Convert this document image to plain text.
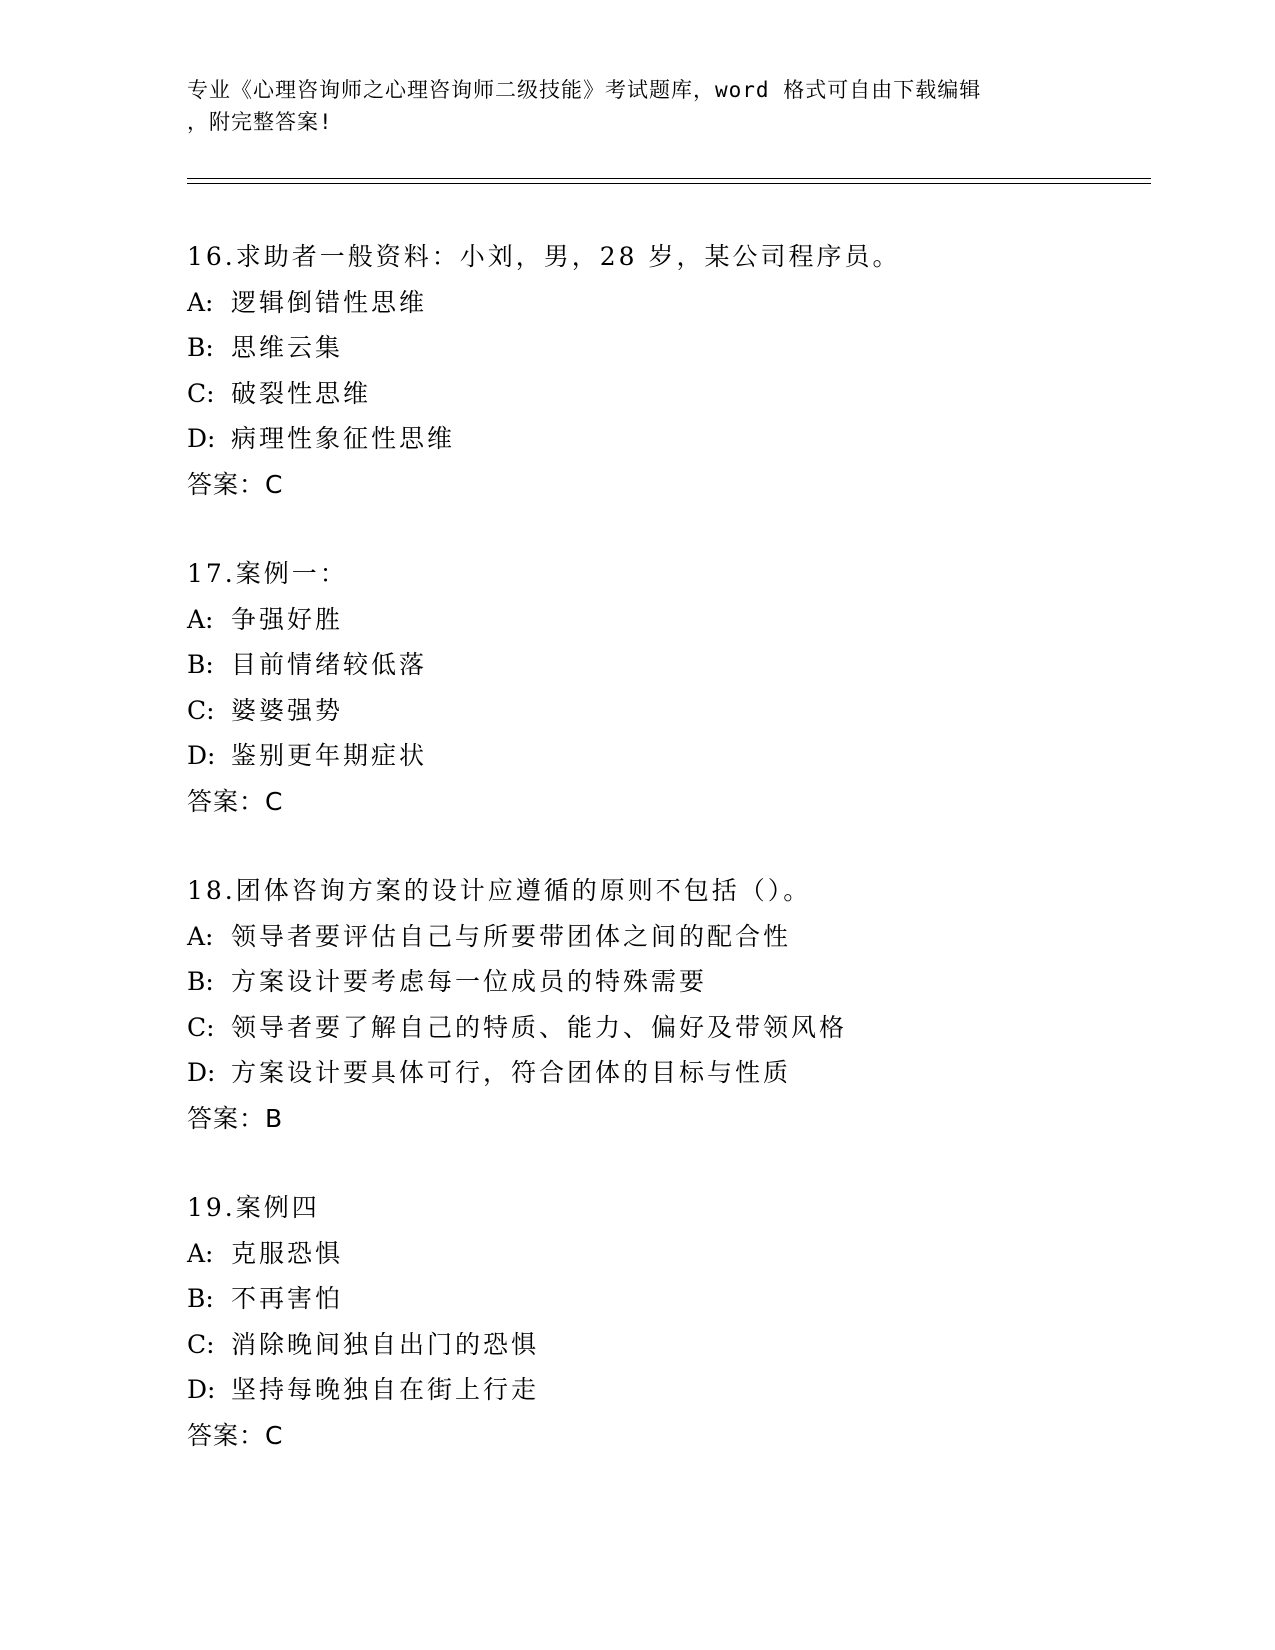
专业《心理咨询师之心理咨询师二级技能》考试题库，word 格式可自由下载编辑
，附完整答案!
16.求助者一般资料：小刘，男，28 岁，某公司程序员。
A: 逻辑倒错性思维
B: 思维云集
C: 破裂性思维
D: 病理性象征性思维
答案：C
17.案例一：
A: 争强好胜
B: 目前情绪较低落
C: 婆婆强势
D: 鉴别更年期症状
答案：C
18.团体咨询方案的设计应遵循的原则不包括（）。
A: 领导者要评估自己与所要带团体之间的配合性
B: 方案设计要考虑每一位成员的特殊需要
C: 领导者要了解自己的特质、能力、偏好及带领风格
D: 方案设计要具体可行，符合团体的目标与性质
答案：B
19.案例四
A: 克服恐惧
B: 不再害怕
C: 消除晚间独自出门的恐惧
D: 坚持每晚独自在街上行走
答案：C
